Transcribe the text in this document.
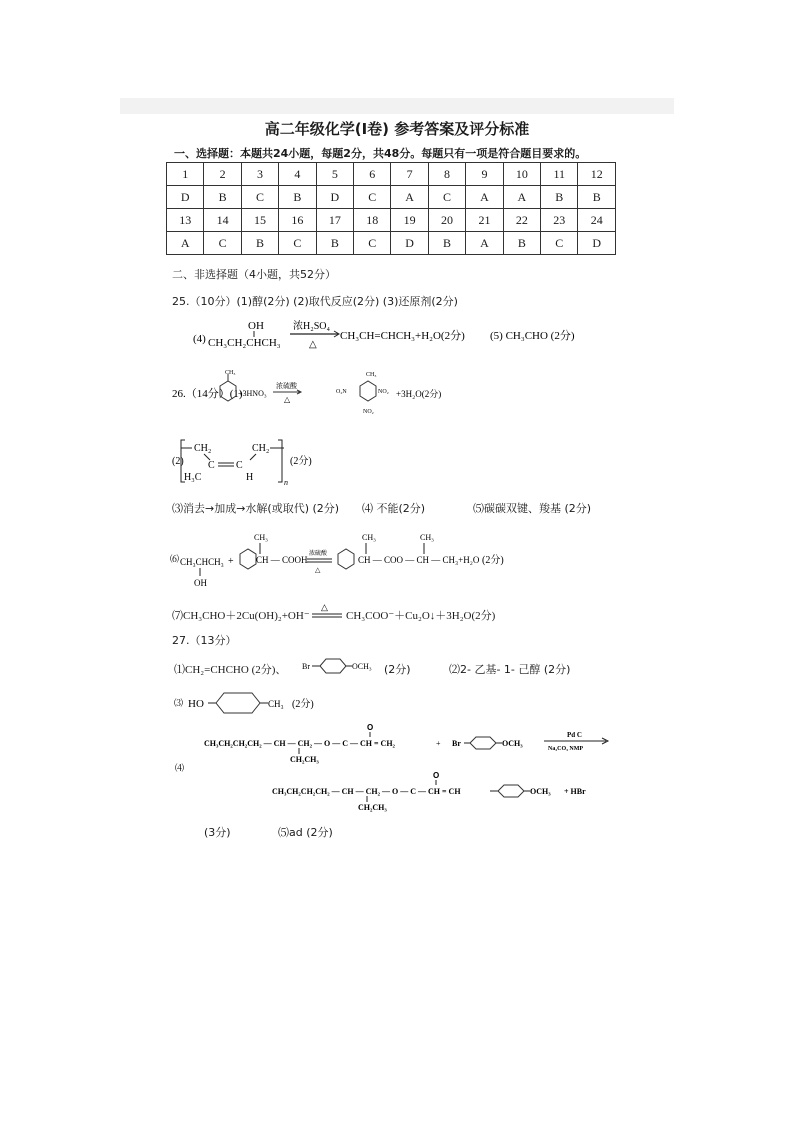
高二年级化学(I卷) 参考答案及评分标准
一、选择题：本题共24小题，每题2分，共48分。每题只有一项是符合题目要求的。
1	2	3	4	5	6	7	8	9	10	11	12
D	B	C	B	D	C	A	C	A	A	B	B
13	14	15	16	17	18	19	20	21	22	23	24
A	C	B	C	B	C	D	B	A	B	C	D
二、非选择题（4小题，共52分）
25.（10分）(1)醇(2分) (2)取代反应(2分) (3)还原剂(2分)
(4)
OH
CH₃CH₂CHCH₃
浓H₂SO₄
△
CH₃CH=CHCH₃+H₂O(2分) (5) CH₃CHO (2分)
26.（14分）(1)
CH₃
+3HNO₃
浓硫酸
△
CH₃
O₂N	NO₂
NO₂
+3H₂O(2分)
(2)
CH₂	CH₂
C C
H₃C	H	n
(2分)
⑶消去→加成→水解(或取代) (2分) ⑷ 不能(2分)	⑸碳碳双键、羧基 (2分)
⑹ CH₃CHCH₃
OH
+
CH₃
CH — COOH
浓硫酸
△
CH₃	CH₃
CH — COO — CH — CH₃+H₂O (2分)
⑺CH₃CHO＋2Cu(OH)₂+OH⁻
△
CH₃COO⁻＋Cu₂O↓＋3H₂O(2分)
27.（13分）
⑴CH₂=CHCHO (2分)、 Br	OCH₃ (2分)	⑵2- 乙基- 1- 己醇 (2分)
⑶ HO	CH₃ (2分)
⑷
O
CH₃CH₂CH₂CH₂ — CH — CH₂ — O — C — CH = CH₂
CH₂CH₃
+ Br	OCH₃
Pd C
Na₂CO₃ NMP
O
CH₃CH₂CH₂CH₂ — CH — CH₂ — O — C — CH = CH
CH₂CH₃
OCH₃ + HBr
(3分)	⑸ad (2分)
